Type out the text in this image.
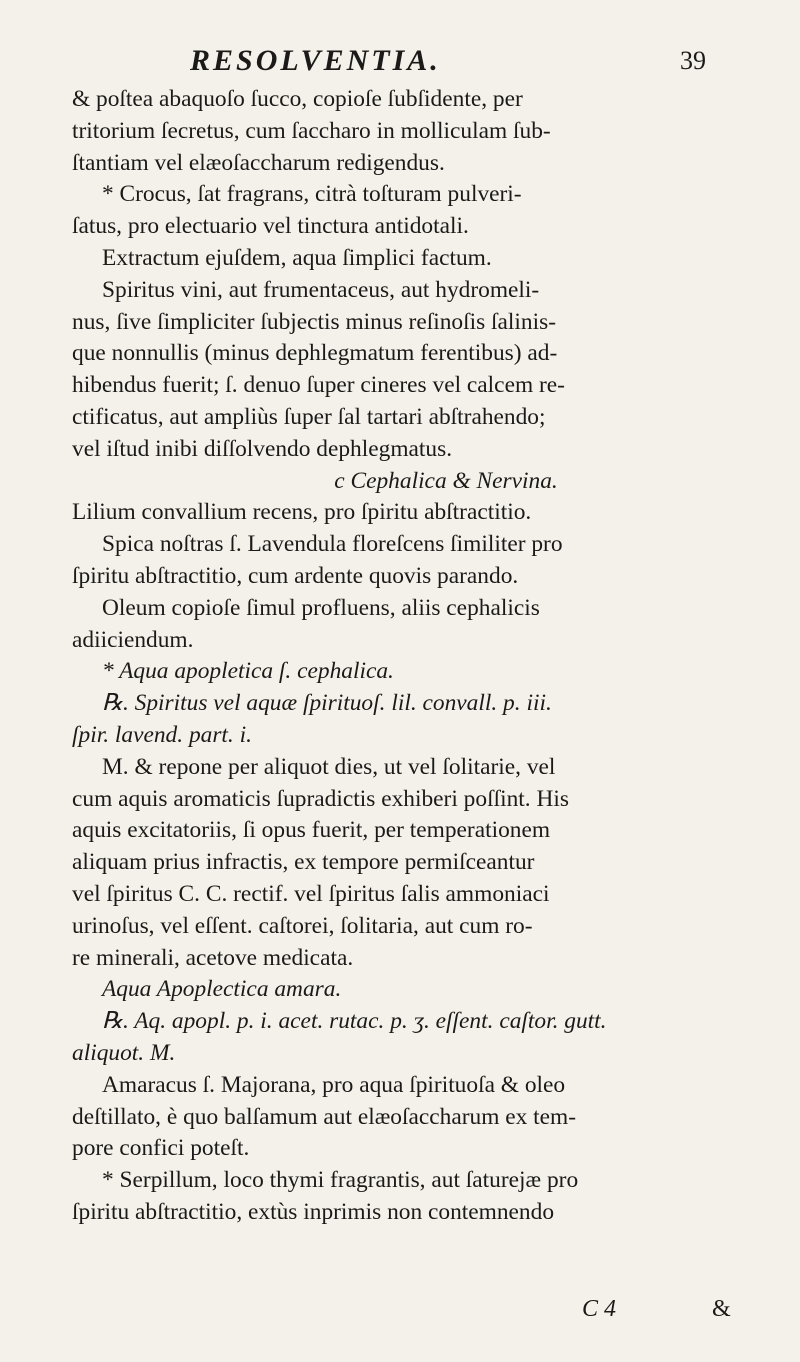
RESOLVENTIA.	39
& poſtea abaquoſo ſucco, copioſe ſubſidente, per
tritorium ſecretus, cum ſaccharo in molliculam ſub-
ſtantiam vel elæoſaccharum redigendus.
* Crocus, ſat fragrans, citrà toſturam pulveri-
ſatus, pro electuario vel tinctura antidotali.
Extractum ejuſdem, aqua ſimplici factum.
Spiritus vini, aut frumentaceus, aut hydromeli-
nus, ſive ſimpliciter ſubjectis minus reſinoſis ſalinis-
que nonnullis (minus dephlegmatum ferentibus) ad-
hibendus fuerit; ſ. denuo ſuper cineres vel calcem re-
ctificatus, aut ampliùs ſuper ſal tartari abſtrahendo;
vel iſtud inibi diſſolvendo dephlegmatus.
c Cephalica & Nervina.
Lilium convallium recens, pro ſpiritu abſtractitio.
Spica noſtras ſ. Lavendula floreſcens ſimiliter pro
ſpiritu abſtractitio, cum ardente quovis parando.
Oleum copioſe ſimul profluens, aliis cephalicis
adiiciendum.
* Aqua apopletica ſ. cephalica.
℞. Spiritus vel aquæ ſpirituoſ. lil. convall. p. iii.
ſpir. lavend. part. i.
M. & repone per aliquot dies, ut vel ſolitarie, vel
cum aquis aromaticis ſupradictis exhiberi poſſint. His
aquis excitatoriis, ſi opus fuerit, per temperationem
aliquam prius infractis, ex tempore permiſceantur
vel ſpiritus C. C. rectif. vel ſpiritus ſalis ammoniaci
urinoſus, vel eſſent. caſtorei, ſolitaria, aut cum ro-
re minerali, acetove medicata.
Aqua Apoplectica amara.
℞. Aq. apopl. p. i. acet. rutac. p. ʒ. eſſent. caſtor. gutt.
aliquot. M.
Amaracus ſ. Majorana, pro aqua ſpirituoſa & oleo
deſtillato, è quo balſamum aut elæoſaccharum ex tem-
pore confici poteſt.
* Serpillum, loco thymi fragrantis, aut ſaturejæ pro
ſpiritu abſtractitio, extùs inprimis non contemnendo
C 4	&
